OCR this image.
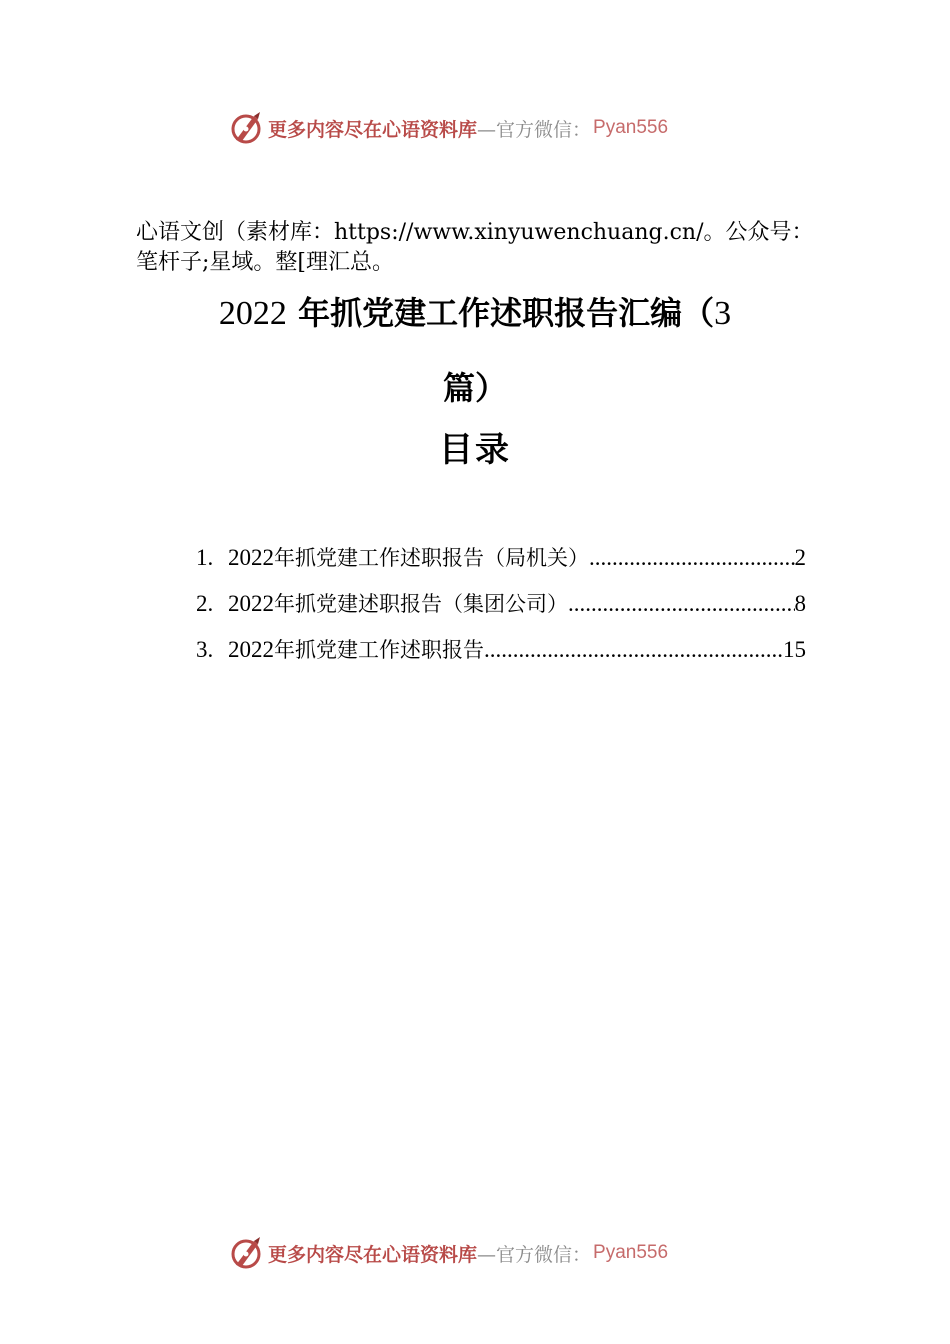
更多内容尽在心语资料库 —官方微信： Pyan556
心语文创（素材库：https://www.xinyuwenchuang.cn/。公众号：笔杆子;星域。整[理汇总。
2022 年抓党建工作述职报告汇编（3
篇）
目录
1. 2022年抓党建工作述职报告（局机关） .....	2
2. 2022年抓党建述职报告（集团公司） .....	8
3. 2022年抓党建工作述职报告 .....	15
更多内容尽在心语资料库 —官方微信： Pyan556
